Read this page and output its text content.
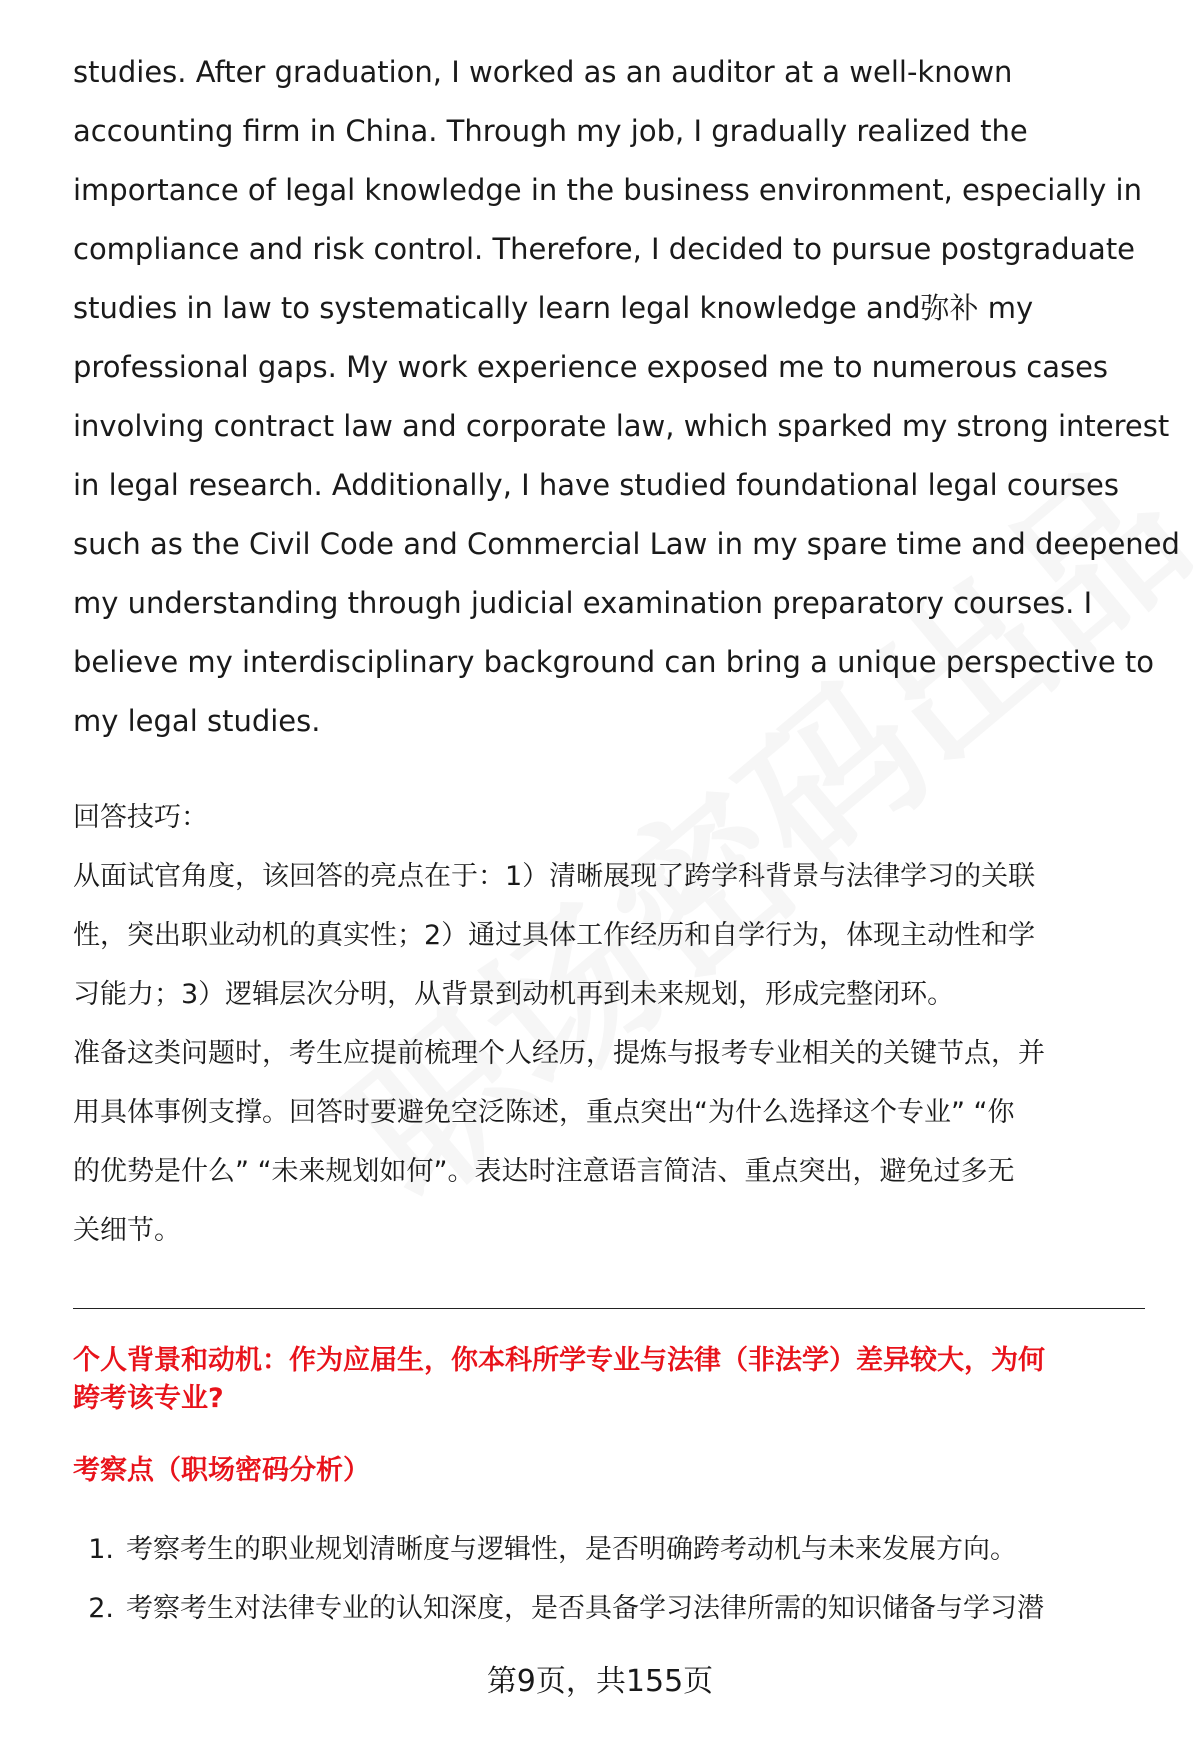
studies. After graduation, I worked as an auditor at a well-known
accounting firm in China. Through my job, I gradually realized the
importance of legal knowledge in the business environment, especially in
compliance and risk control. Therefore, I decided to pursue postgraduate
studies in law to systematically learn legal knowledge and弥补 my
professional gaps. My work experience exposed me to numerous cases
involving contract law and corporate law, which sparked my strong interest
in legal research. Additionally, I have studied foundational legal courses
such as the Civil Code and Commercial Law in my spare time and deepened
my understanding through judicial examination preparatory courses. I
believe my interdisciplinary background can bring a unique perspective to
my legal studies.
回答技巧：
从面试官角度，该回答的亮点在于：1）清晰展现了跨学科背景与法律学习的关联
性，突出职业动机的真实性；2）通过具体工作经历和自学行为，体现主动性和学
习能力；3）逻辑层次分明，从背景到动机再到未来规划，形成完整闭环。
准备这类问题时，考生应提前梳理个人经历，提炼与报考专业相关的关键节点，并
用具体事例支撑。回答时要避免空泛陈述，重点突出“为什么选择这个专业” “你
的优势是什么” “未来规划如何”。表达时注意语言简洁、重点突出，避免过多无
关细节。
个人背景和动机：作为应届生，你本科所学专业与法律（非法学）差异较大，为何
跨考该专业?
考察点（职场密码分析）
1. 考察考生的职业规划清晰度与逻辑性，是否明确跨考动机与未来发展方向。
2. 考察考生对法律专业的认知深度，是否具备学习法律所需的知识储备与学习潜
第9页，共155页
